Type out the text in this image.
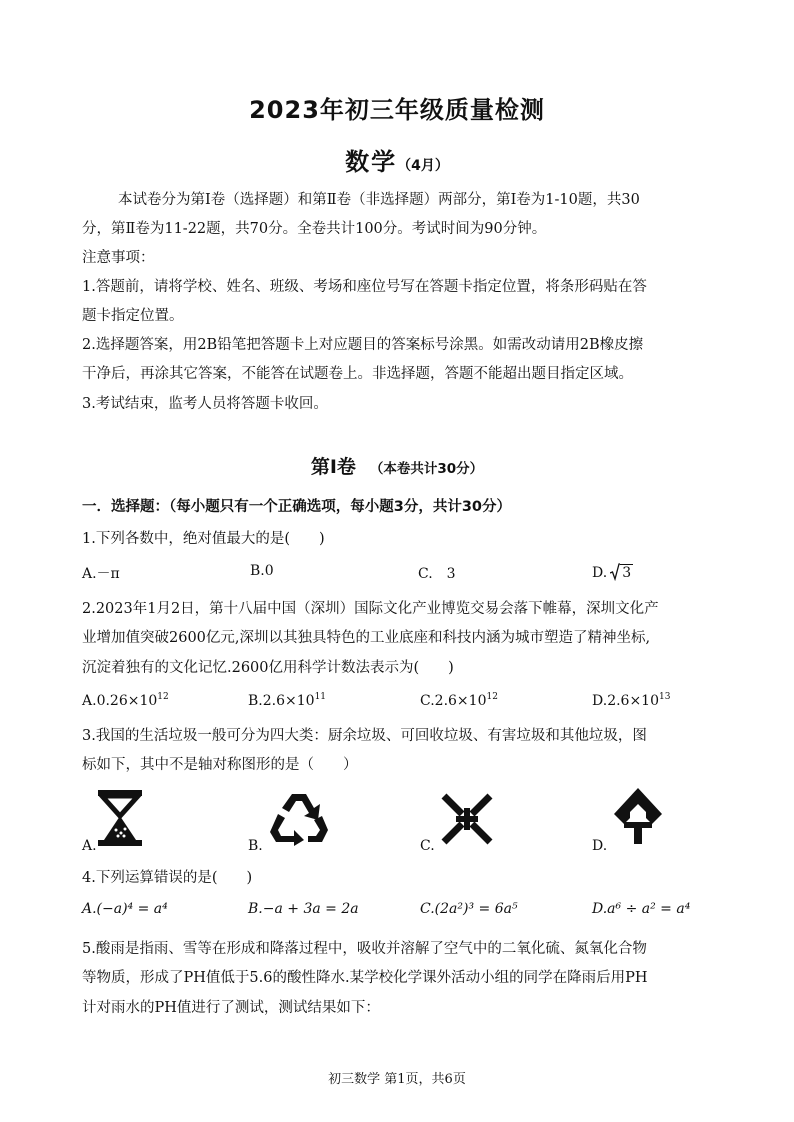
2023年初三年级质量检测
数学（4月）
本试卷分为第Ⅰ卷（选择题）和第Ⅱ卷（非选择题）两部分，第Ⅰ卷为1-10题，共30
分，第Ⅱ卷为11-22题，共70分。全卷共计100分。考试时间为90分钟。
注意事项：
1.答题前，请将学校、姓名、班级、考场和座位号写在答题卡指定位置，将条形码贴在答
题卡指定位置。
2.选择题答案，用2B铅笔把答题卡上对应题目的答案标号涂黑。如需改动请用2B橡皮擦
干净后，再涂其它答案，不能答在试题卷上。非选择题，答题不能超出题目指定区域。
3.考试结束，监考人员将答题卡收回。
第Ⅰ卷 （本卷共计30分）
一．选择题：（每小题只有一个正确选项，每小题3分，共计30分）
1.下列各数中，绝对值最大的是(　　)
A.－π	B.0	C.　3	D. 3
2.2023年1月2日，第十八届中国（深圳）国际文化产业博览交易会落下帷幕，深圳文化产
业增加值突破2600亿元,深圳以其独具特色的工业底座和科技内涵为城市塑造了精神坐标,
沉淀着独有的文化记忆.2600亿用科学计数法表示为(　　)
$A.0.26\times 10^{12}$	$B.2.6\times 10^{11}$	$C.2.6\times 10^{12}$	$D.2.6\times 10^{13}$
3.我国的生活垃圾一般可分为四大类：厨余垃圾、可回收垃圾、有害垃圾和其他垃圾，图
标如下，其中不是轴对称图形的是（　　）
A.	B.	C.	D.
4.下列运算错误的是(　　)
A.(−a)⁴ = a⁴	B.−a + 3a = 2a	C.(2a²)³ = 6a⁵	D.a⁶ ÷ a² = a⁴
5.酸雨是指雨、雪等在形成和降落过程中，吸收并溶解了空气中的二氧化硫、氮氧化合物
等物质，形成了PH值低于5.6的酸性降水.某学校化学课外活动小组的同学在降雨后用PH
计对雨水的PH值进行了测试，测试结果如下：
初三数学 第1页，共6页
